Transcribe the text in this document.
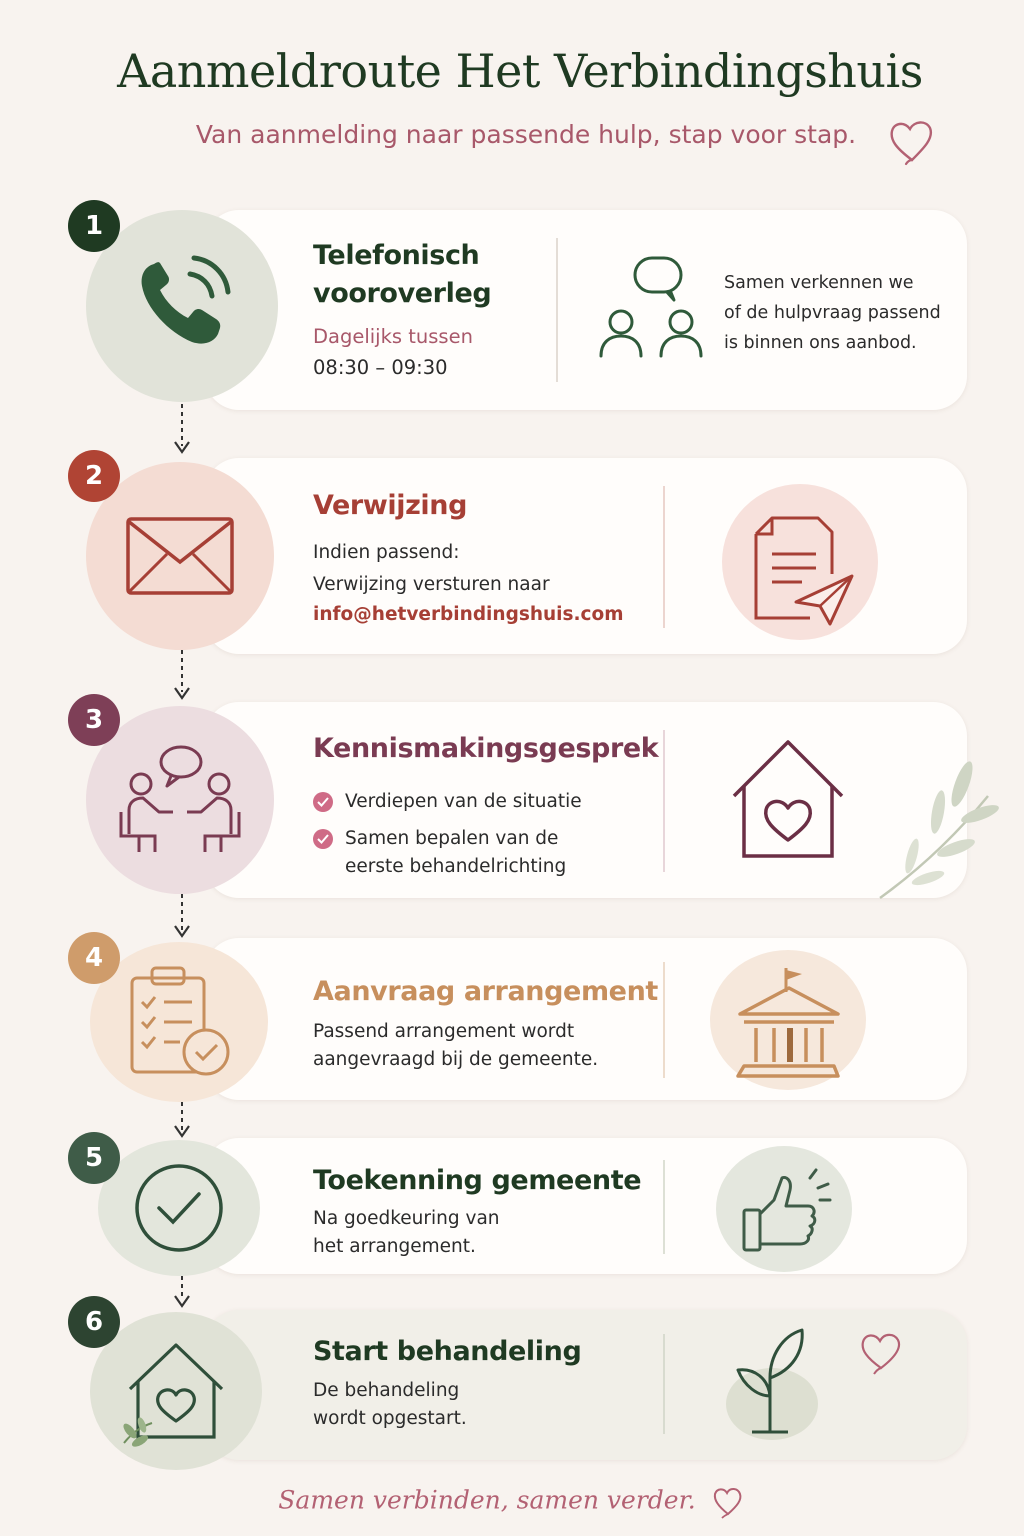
Aanmeldroute Het Verbindingshuis
Van aanmelding naar passende hulp, stap voor stap.
1
Telefonisch
vooroverleg
Dagelijks tussen
08:30 – 09:30
Samen verkennen we
of de hulpvraag passend
is binnen ons aanbod.
2
Verwijzing
Indien passend:
Verwijzing versturen naar
info@hetverbindingshuis.com
3
Kennismakingsgesprek
Verdiepen van de situatie
Samen bepalen van de
eerste behandelrichting
4
Aanvraag arrangement
Passend arrangement wordt
aangevraagd bij de gemeente.
5
Toekenning gemeente
Na goedkeuring van
het arrangement.
6
Start behandeling
De behandeling
wordt opgestart.
Samen verbinden, samen verder.
